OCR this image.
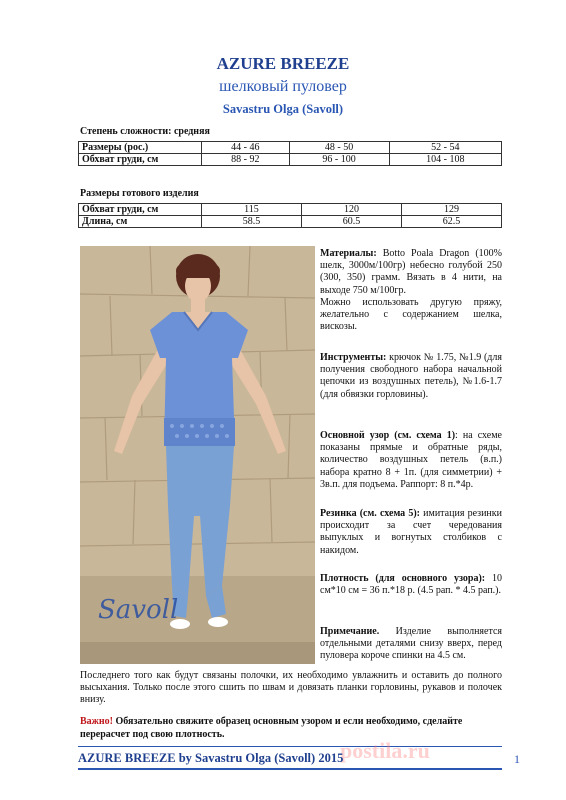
AZURE BREEZE
шелковый пуловер
Savastru Olga (Savoll)
Степень сложности: средняя
Размеры (рос.)	44 - 46	48 - 50	52 - 54
Обхват груди, см	88 - 92	96 - 100	104 - 108
Размеры готового изделия
Обхват груди, см	115	120	129
Длина, см	58.5	60.5	62.5
Savoll
Материалы: Botto Poala Dragon (100% шелк, 3000м/100гр) небесно голубой 250 (300, 350) грамм. Вязать в 4 нити, на выходе 750 м/100гр.
Можно использовать другую пряжу, желательно с содержанием шелка, вискозы.
Инструменты: крючок № 1.75, №1.9 (для получения свободного набора начальной цепочки из воздушных петель), №1.6-1.7 (для обвязки горловины).
Основной узор (см. схема 1): на схеме показаны прямые и обратные ряды, количество воздушных петель (в.п.) набора кратно 8 + 1п. (для симметрии) + 3в.п. для подъема. Раппорт: 8 п.*4р.
Резинка (см. схема 5): имитация резинки происходит за счет чередования выпуклых и вогнутых столбиков с накидом.
Плотность (для основного узора): 10 см*10 см = 36 п.*18 р. (4.5 рап. * 4.5 рап.).
Примечание. Изделие выполняется отдельными деталями снизу вверх, перед пуловера короче спинки на 4.5 см.
Последнего того как будут связаны полочки, их необходимо увлажнить и оставить до полного высыхания. Только после этого сшить по швам и довязать планки горловины, рукавов и полочек внизу.
Важно! Обязательно свяжите образец основным узором и если необходимо, сделайте перерасчет под свою плотность.
postila.ru
AZURE BREEZE by Savastru Olga (Savoll) 2015	1
